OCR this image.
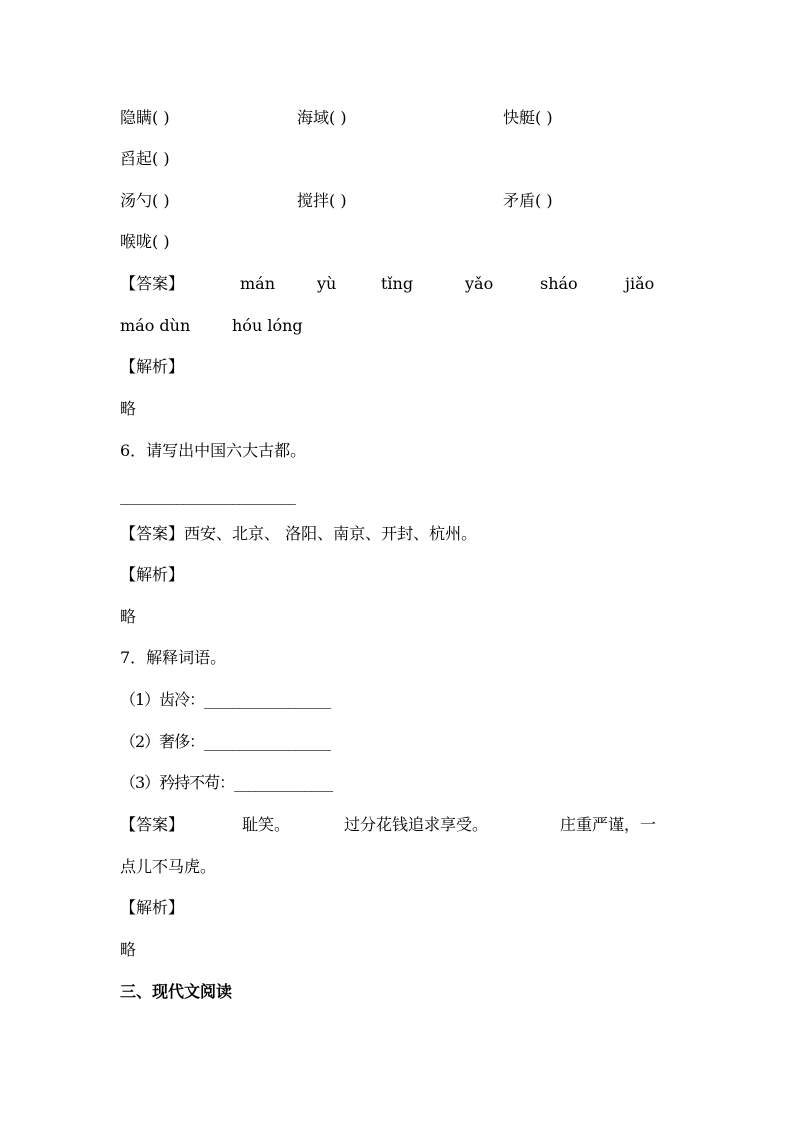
隐瞒( )	海域( )	快艇( )
舀起( )
汤勺( )	搅拌( )	矛盾( )
喉咙( )
【答案】	mán	yù	tǐng	yǎo	sháo	jiǎo
máo dùn	hóu lóng
【解析】
略
6．请写出中国六大古都。
_________________________
【答案】西安、北京、 洛阳、南京、开封、杭州。
【解析】
略
7．解释词语。
（1）齿冷：__________________
（2）奢侈：__________________
（3）矜持不苟：______________
【答案】	耻笑。	过分花钱追求享受。	庄重严谨，一
点儿不马虎。
【解析】
略
三、现代文阅读
